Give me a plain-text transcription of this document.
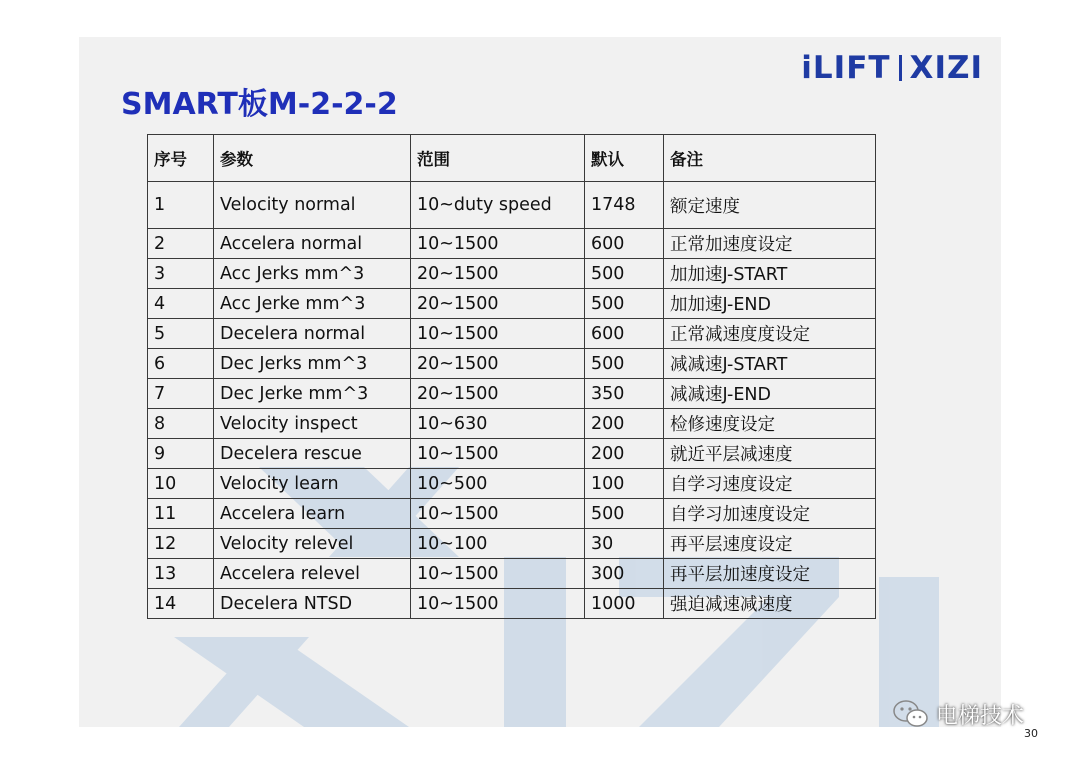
iLIFT XIZI
SMART板M-2-2-2
序号	参数	范围	默认	备注
1	Velocity normal	10~duty speed	1748	额定速度
2	Accelera normal	10~1500	600	正常加速度设定
3	Acc Jerks mm^3	20~1500	500	加加速J-START
4	Acc Jerke mm^3	20~1500	500	加加速J-END
5	Decelera normal	10~1500	600	正常减速度度设定
6	Dec Jerks mm^3	20~1500	500	减减速J-START
7	Dec Jerke mm^3	20~1500	350	减减速J-END
8	Velocity inspect	10~630	200	检修速度设定
9	Decelera rescue	10~1500	200	就近平层减速度
10	Velocity learn	10~500	100	自学习速度设定
11	Accelera learn	10~1500	500	自学习加速度设定
12	Velocity relevel	10~100	30	再平层速度设定
13	Accelera relevel	10~1500	300	再平层加速度设定
14	Decelera NTSD	10~1500	1000	强迫减速减速度
30
电梯技术
